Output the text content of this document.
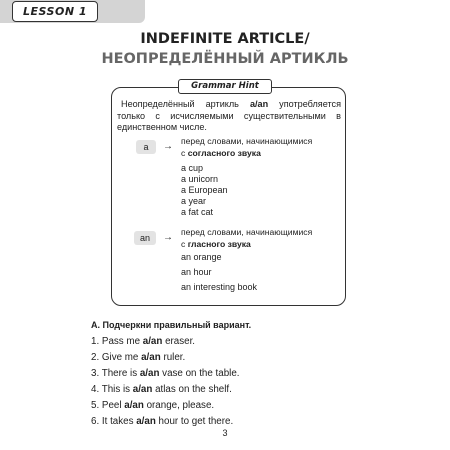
LESSON 1
INDEFINITE ARTICLE/
НЕОПРЕДЕЛЁННЫЙ АРТИКЛЬ
Grammar Hint
Неопределённый артикль a/an употребляется только с исчисляемыми существительными в единственном числе.
a	→ перед словами, начинающимися
с согласного звука
a cup
a unicorn
a European
a year
a fat cat
an	→ перед словами, начинающимися
с гласного звука
an orange
an hour
an interesting book
A. Подчеркни правильный вариант.
1. Pass me a/an eraser.
2. Give me a/an ruler.
3. There is a/an vase on the table.
4. This is a/an atlas on the shelf.
5. Peel a/an orange, please.
6. It takes a/an hour to get there.
3
